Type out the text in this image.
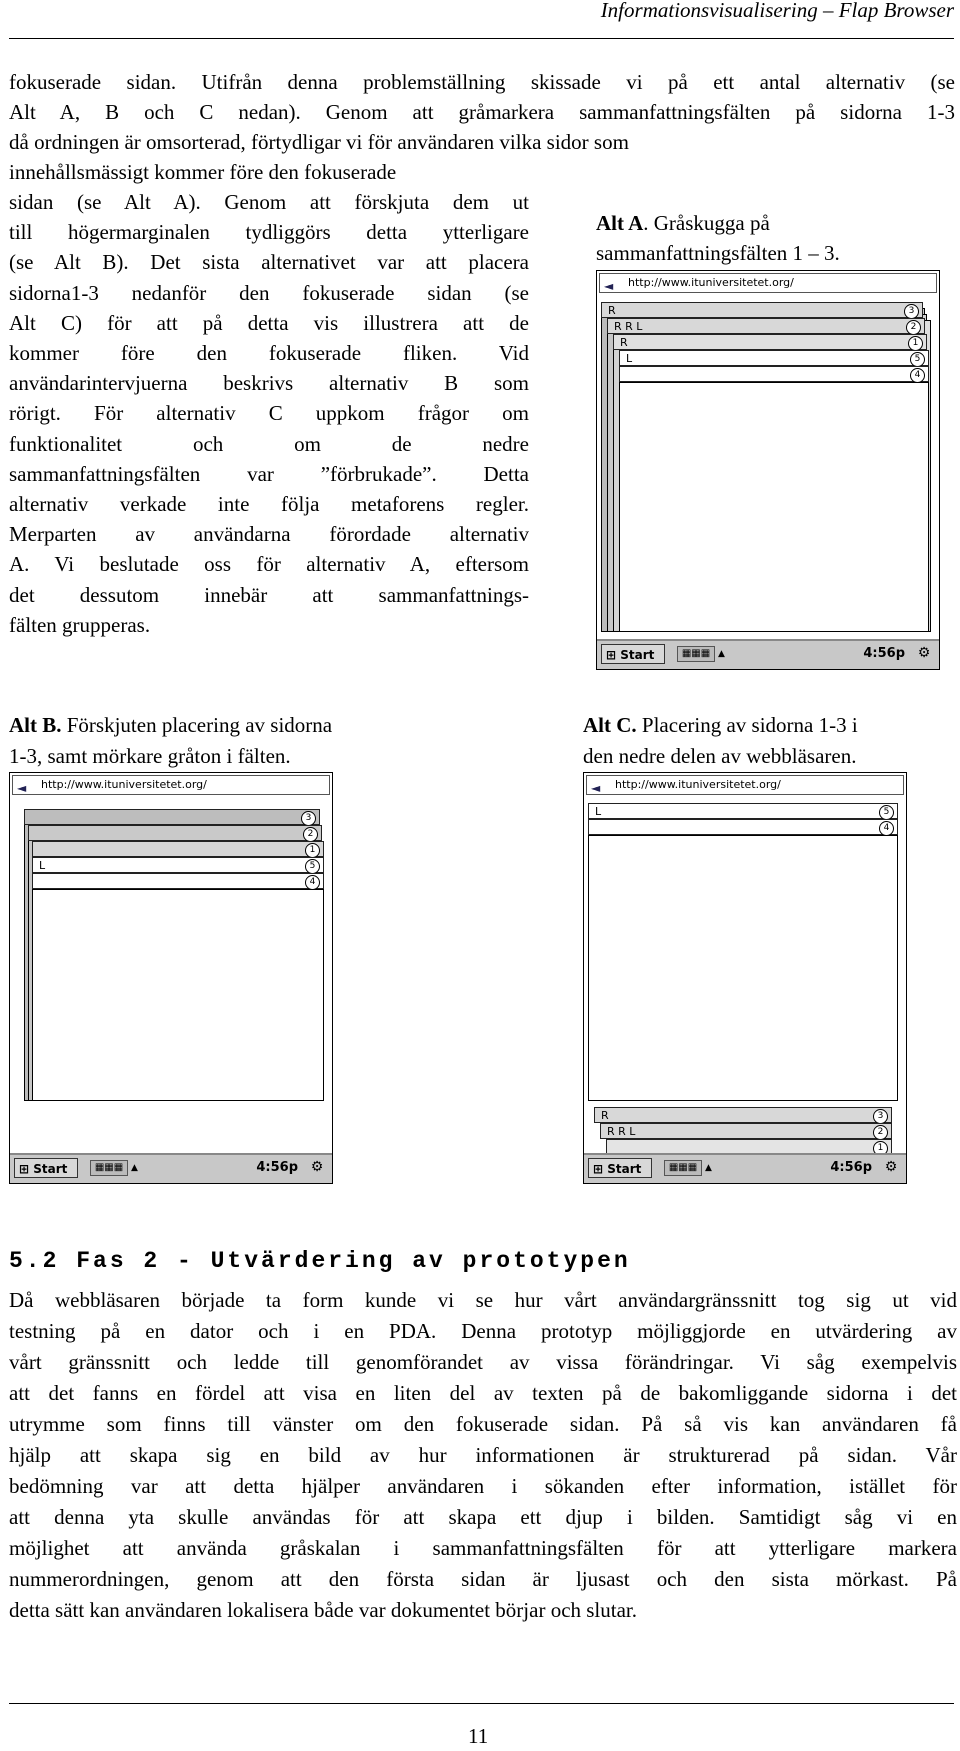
Informationsvisualisering – Flap Browser
fokuserade sidan. Utifrån denna problemställning skissade vi på ett antal alternativ (se
Alt A, B och C nedan). Genom att gråmarkera sammanfattningsfälten på sidorna 1-3
då ordningen är omsorterad, förtydligar vi för användaren vilka sidor som
innehållsmässigt kommer före den fokuserade
sidan (se Alt A). Genom att förskjuta dem ut
till högermarginalen tydliggörs detta ytterligare
(se Alt B). Det sista alternativet var att placera
sidorna1-3 nedanför den fokuserade sidan (se
Alt C) för att på detta vis illustrera att de
kommer före den fokuserade fliken. Vid
användarintervjuerna beskrivs alternativ B som
rörigt. För alternativ C uppkom frågor om
funktionalitet och om de nedre
sammanfattningsfälten var ”förbrukade”. Detta
alternativ verkade inte följa metaforens regler.
Merparten av användarna förordade alternativ
A. Vi beslutade oss för alternativ A, eftersom
det dessutom innebär att sammanfattnings-
fälten grupperas.
Alt A. Gråskugga på
sammanfattningsfälten 1 – 3.
◄ http://www.ituniversitetet.org/
R	3
R R L	2
R	1
L	5
4
⊞ Start	▦▦▦ ▲	4:56p ⚙
Alt B. Förskjuten placering av sidorna
1-3, samt mörkare gråton i fälten.
Alt C. Placering av sidorna 1-3 i
den nedre delen av webbläsaren.
◄ http://www.ituniversitetet.org/
3
2
1
L	5
4
⊞ Start	▦▦▦ ▲	4:56p ⚙
◄ http://www.ituniversitetet.org/
L	5
4
R	3
R R L	2
1
⊞ Start	▦▦▦ ▲	4:56p ⚙
5.2 Fas 2 - Utvärdering av prototypen
Då webbläsaren började ta form kunde vi se hur vårt användargränssnitt tog sig ut vid
testning på en dator och i en PDA. Denna prototyp möjliggjorde en utvärdering av
vårt gränssnitt och ledde till genomförandet av vissa förändringar. Vi såg exempelvis
att det fanns en fördel att visa en liten del av texten på de bakomliggande sidorna i det
utrymme som finns till vänster om den fokuserade sidan. På så vis kan användaren få
hjälp att skapa sig en bild av hur informationen är strukturerad på sidan. Vår
bedömning var att detta hjälper användaren i sökanden efter information, istället för
att denna yta skulle användas för att skapa ett djup i bilden. Samtidigt såg vi en
möjlighet att använda gråskalan i sammanfattningsfälten för att ytterligare markera
nummerordningen, genom att den första sidan är ljusast och den sista mörkast. På
detta sätt kan användaren lokalisera både var dokumentet börjar och slutar.
11
